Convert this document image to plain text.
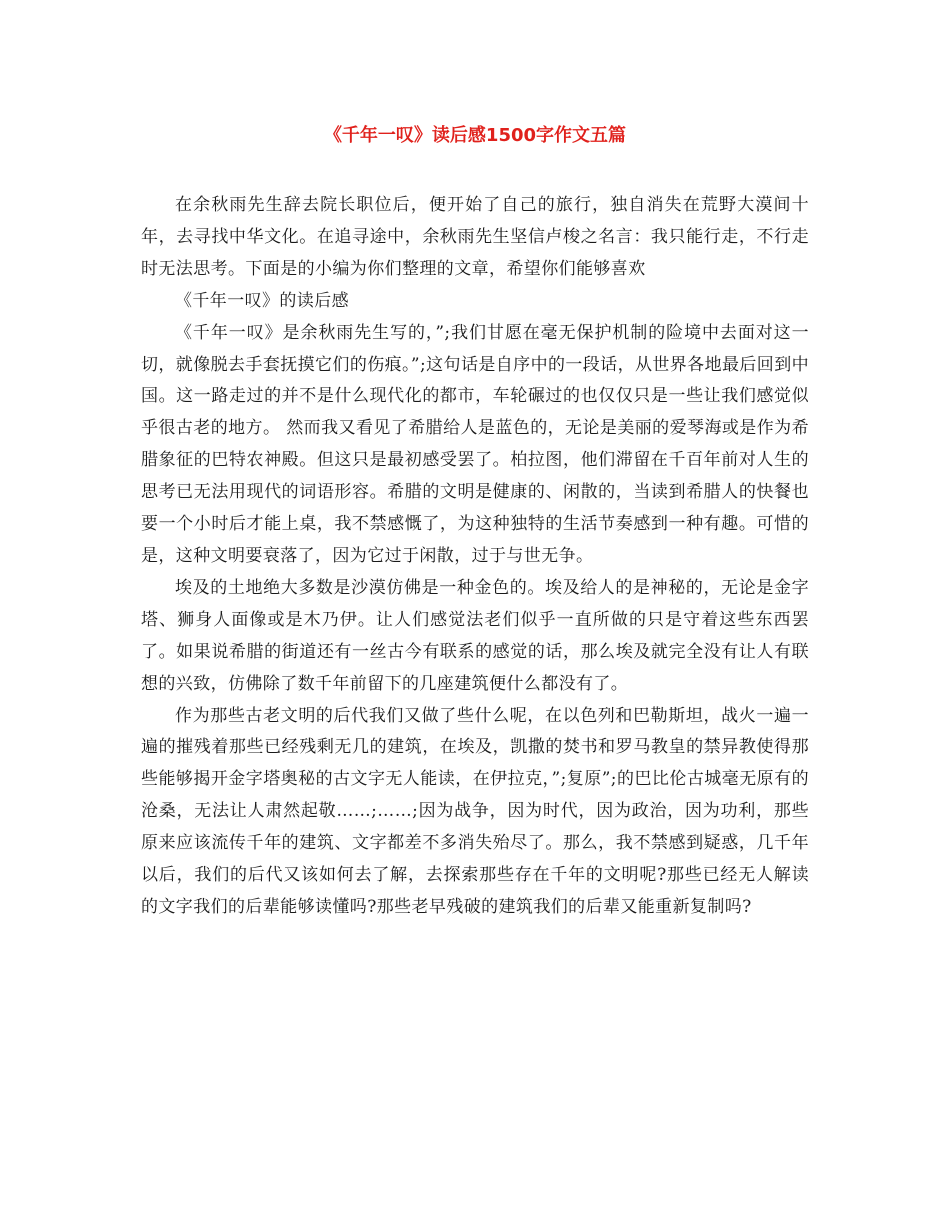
《千年一叹》读后感1500字作文五篇

在余秋雨先生辞去院长职位后，便开始了自己的旅行，独自消失在荒野大漠间十年，去寻找中华文化。在追寻途中，余秋雨先生坚信卢梭之名言：我只能行走，不行走时无法思考。下面是的小编为你们整理的文章，希望你们能够喜欢

《千年一叹》的读后感

《千年一叹》是余秋雨先生写的，”;我们甘愿在毫无保护机制的险境中去面对这一切，就像脱去手套抚摸它们的伤痕。”;这句话是自序中的一段话，从世界各地最后回到中国。这一路走过的并不是什么现代化的都市，车轮碾过的也仅仅只是一些让我们感觉似乎很古老的地方。 然而我又看见了希腊给人是蓝色的，无论是美丽的爱琴海或是作为希腊象征的巴特农神殿。但这只是最初感受罢了。柏拉图，他们滞留在千百年前对人生的思考已无法用现代的词语形容。希腊的文明是健康的、闲散的，当读到希腊人的快餐也要一个小时后才能上桌，我不禁感慨了，为这种独特的生活节奏感到一种有趣。可惜的是，这种文明要衰落了，因为它过于闲散，过于与世无争。

埃及的土地绝大多数是沙漠仿佛是一种金色的。埃及给人的是神秘的，无论是金字塔、狮身人面像或是木乃伊。让人们感觉法老们似乎一直所做的只是守着这些东西罢了。如果说希腊的街道还有一丝古今有联系的感觉的话，那么埃及就完全没有让人有联想的兴致，仿佛除了数千年前留下的几座建筑便什么都没有了。

作为那些古老文明的后代我们又做了些什么呢，在以色列和巴勒斯坦，战火一遍一遍的摧残着那些已经残剩无几的建筑，在埃及，凯撒的焚书和罗马教皇的禁异教使得那些能够揭开金字塔奥秘的古文字无人能读，在伊拉克，”;复原”;的巴比伦古城毫无原有的沧桑，无法让人肃然起敬……;……;因为战争，因为时代，因为政治，因为功利，那些原来应该流传千年的建筑、文字都差不多消失殆尽了。那么，我不禁感到疑惑，几千年以后，我们的后代又该如何去了解，去探索那些存在千年的文明呢?那些已经无人解读的文字我们的后辈能够读懂吗?那些老早残破的建筑我们的后辈又能重新复制吗?
